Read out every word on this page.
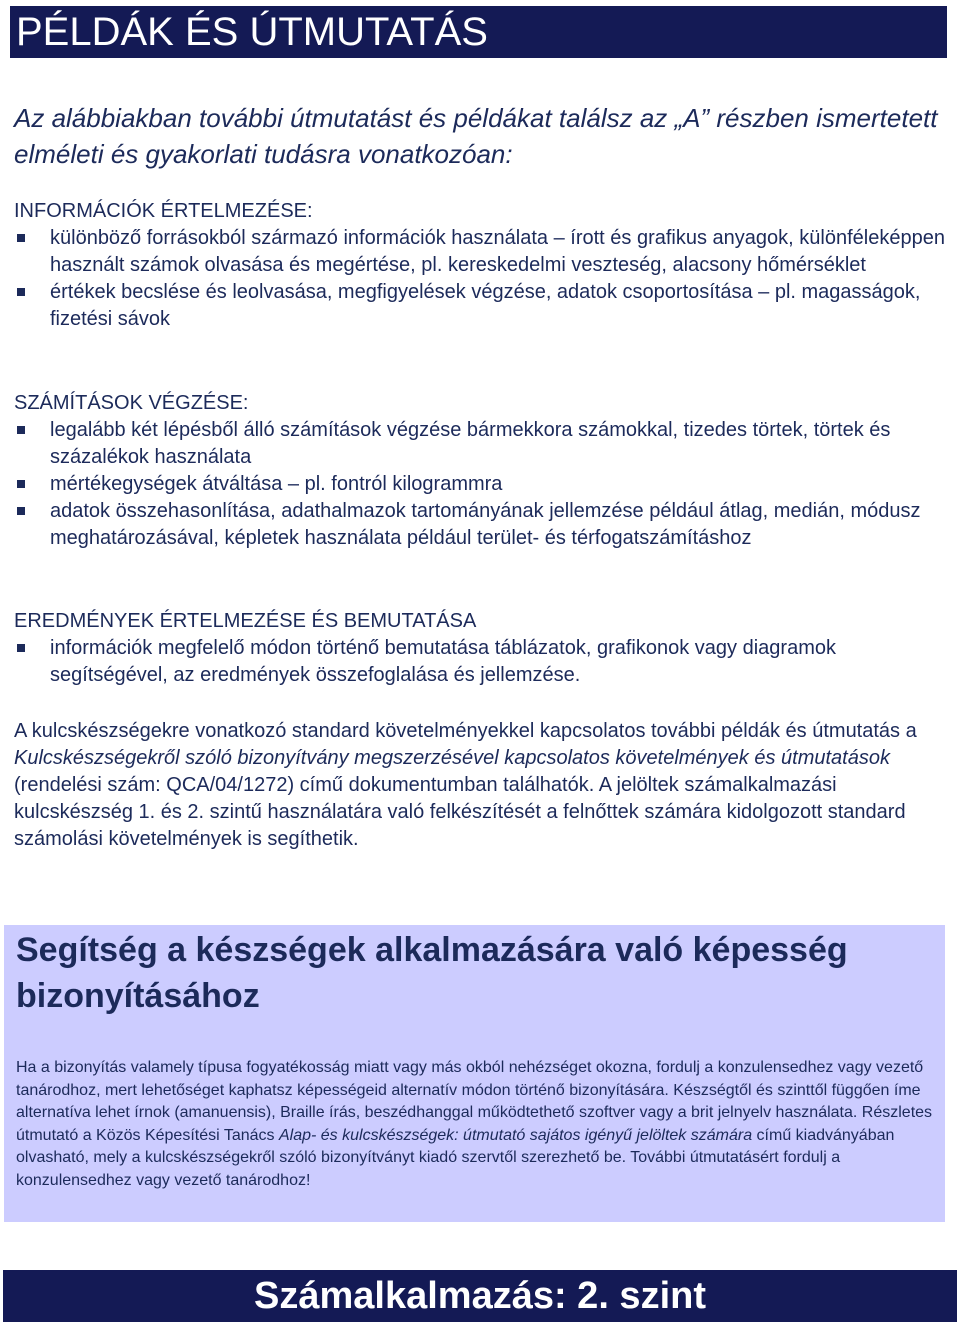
PÉLDÁK ÉS ÚTMUTATÁS
Az alábbiakban további útmutatást és példákat találsz az „A” részben ismertetett elméleti és gyakorlati tudásra vonatkozóan:
INFORMÁCIÓK ÉRTELMEZÉSE:
különböző forrásokból származó információk használata – írott és grafikus anyagok, különféleképpen használt számok olvasása és megértése, pl. kereskedelmi veszteség, alacsony hőmérséklet
értékek becslése és leolvasása, megfigyelések végzése, adatok csoportosítása – pl. magasságok, fizetési sávok
SZÁMÍTÁSOK VÉGZÉSE:
legalább két lépésből álló számítások végzése bármekkora számokkal, tizedes törtek, törtek és százalékok használata
mértékegységek átváltása – pl. fontról kilogrammra
adatok összehasonlítása, adathalmazok tartományának jellemzése például átlag, medián, módusz meghatározásával, képletek használata például terület- és térfogatszámításhoz
EREDMÉNYEK ÉRTELMEZÉSE ÉS BEMUTATÁSA
információk megfelelő módon történő bemutatása táblázatok, grafikonok vagy diagramok segítségével, az eredmények összefoglalása és jellemzése.
A kulcskészségekre vonatkozó standard követelményekkel kapcsolatos további példák és útmutatás a Kulcskészségekről szóló bizonyítvány megszerzésével kapcsolatos követelmények és útmutatások (rendelési szám: QCA/04/1272) című dokumentumban találhatók. A jelöltek számalkalmazási kulcskészség 1. és 2. szintű használatára való felkészítését a felnőttek számára kidolgozott standard számolási követelmények is segíthetik.
Segítség a készségek alkalmazására való képesség bizonyításához
Ha a bizonyítás valamely típusa fogyatékosság miatt vagy más okból nehézséget okozna, fordulj a konzulensedhez vagy vezető tanárodhoz, mert lehetőséget kaphatsz képességeid alternatív módon történő bizonyítására. Készségtől és szinttől függően íme alternatíva lehet írnok (amanuensis), Braille írás, beszédhanggal működtethető szoftver vagy a brit jelnyelv használata. Részletes útmutató a Közös Képesítési Tanács Alap- és kulcskészségek: útmutató sajátos igényű jelöltek számára című kiadványában olvasható, mely a kulcskészségekről szóló bizonyítványt kiadó szervtől szerezhető be. További útmutatásért fordulj a konzulensedhez vagy vezető tanárodhoz!
Számalkalmazás: 2. szint
